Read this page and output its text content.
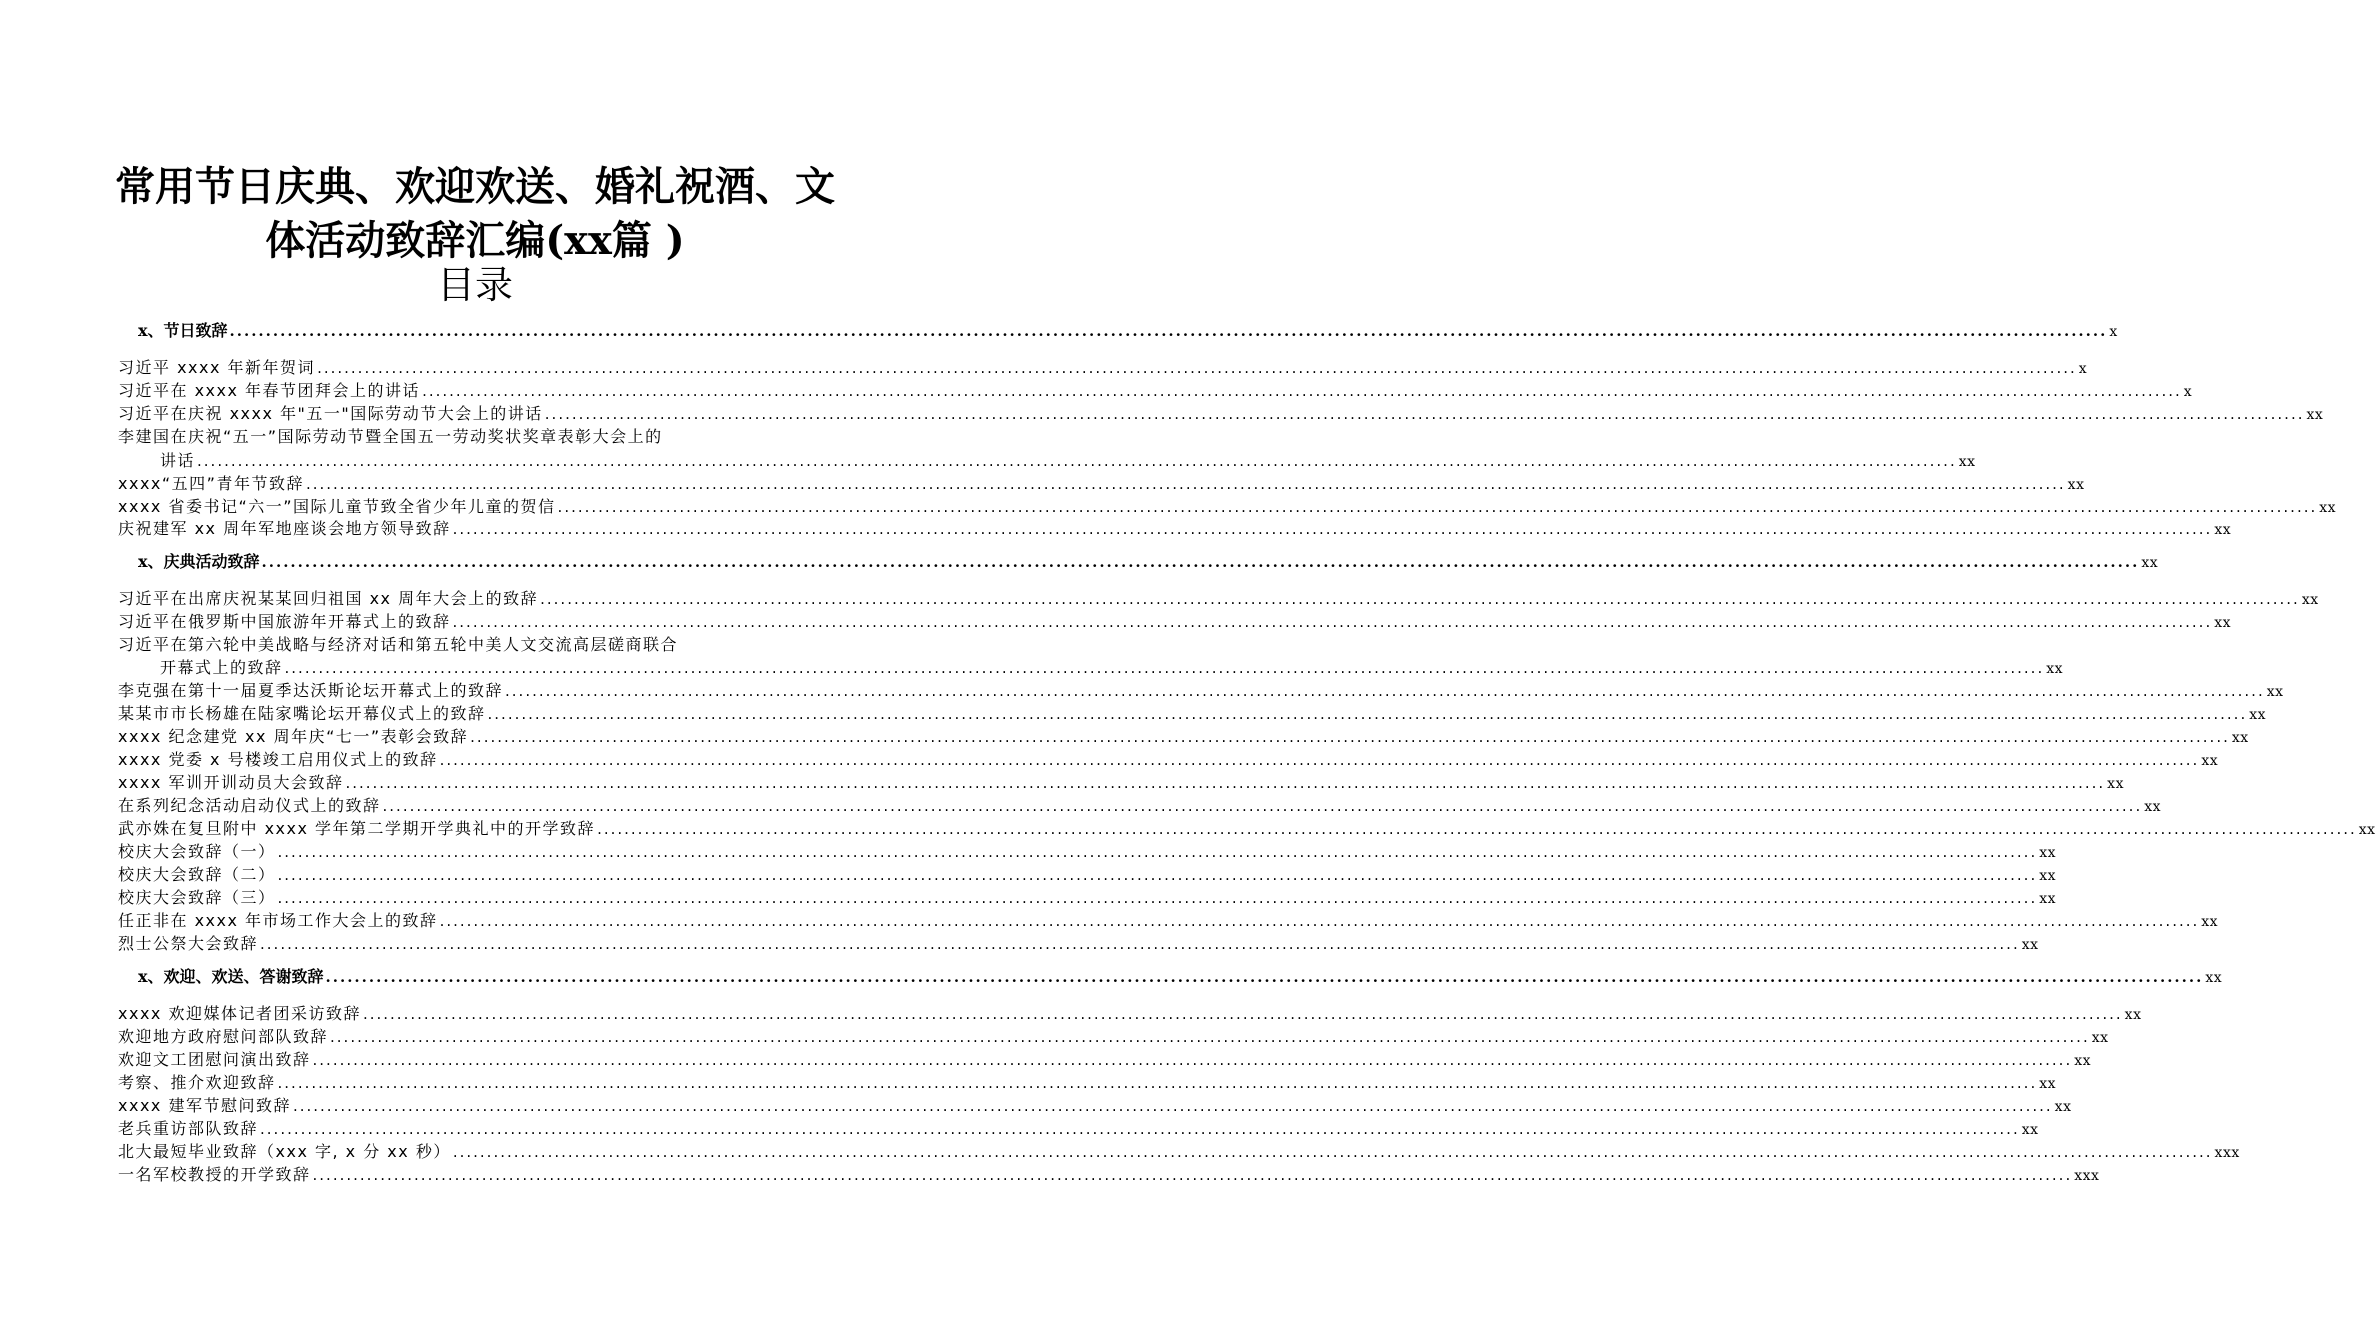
常用节日庆典、欢迎欢送、婚礼祝酒、文
体活动致辞汇编(xx篇 )
目录
x、节日致辞 .................................................................................................................................................................................................................................................................... x
习近平 xxxx 年新年贺词 .................................................................................................................................................................................................................................................................... x
习近平在 xxxx 年春节团拜会上的讲话 .................................................................................................................................................................................................................................................................... x
习近平在庆祝 xxxx 年"五一"国际劳动节大会上的讲话 .................................................................................................................................................................................................................................................................... xx
李建国在庆祝“五一”国际劳动节暨全国五一劳动奖状奖章表彰大会上的
讲话 .................................................................................................................................................................................................................................................................... xx
xxxx“五四”青年节致辞 .................................................................................................................................................................................................................................................................... xx
xxxx 省委书记“六一”国际儿童节致全省少年儿童的贺信 .................................................................................................................................................................................................................................................................... xx
庆祝建军 xx 周年军地座谈会地方领导致辞 .................................................................................................................................................................................................................................................................... xx
x、庆典活动致辞 .................................................................................................................................................................................................................................................................... xx
习近平在出席庆祝某某回归祖国 xx 周年大会上的致辞 .................................................................................................................................................................................................................................................................... xx
习近平在俄罗斯中国旅游年开幕式上的致辞 .................................................................................................................................................................................................................................................................... xx
习近平在第六轮中美战略与经济对话和第五轮中美人文交流高层磋商联合
开幕式上的致辞 .................................................................................................................................................................................................................................................................... xx
李克强在第十一届夏季达沃斯论坛开幕式上的致辞 .................................................................................................................................................................................................................................................................... xx
某某市市长杨雄在陆家嘴论坛开幕仪式上的致辞 .................................................................................................................................................................................................................................................................... xx
xxxx 纪念建党 xx 周年庆“七一”表彰会致辞 .................................................................................................................................................................................................................................................................... xx
xxxx 党委 x 号楼竣工启用仪式上的致辞 .................................................................................................................................................................................................................................................................... xx
xxxx 军训开训动员大会致辞 .................................................................................................................................................................................................................................................................... xx
在系列纪念活动启动仪式上的致辞 .................................................................................................................................................................................................................................................................... xx
武亦姝在复旦附中 xxxx 学年第二学期开学典礼中的开学致辞 .................................................................................................................................................................................................................................................................... xx
校庆大会致辞（一） .................................................................................................................................................................................................................................................................... xx
校庆大会致辞（二） .................................................................................................................................................................................................................................................................... xx
校庆大会致辞（三） .................................................................................................................................................................................................................................................................... xx
任正非在 xxxx 年市场工作大会上的致辞 .................................................................................................................................................................................................................................................................... xx
烈士公祭大会致辞 .................................................................................................................................................................................................................................................................... xx
x、欢迎、欢送、答谢致辞 .................................................................................................................................................................................................................................................................... xx
xxxx 欢迎媒体记者团采访致辞 .................................................................................................................................................................................................................................................................... xx
欢迎地方政府慰问部队致辞 .................................................................................................................................................................................................................................................................... xx
欢迎文工团慰问演出致辞 .................................................................................................................................................................................................................................................................... xx
考察、推介欢迎致辞 .................................................................................................................................................................................................................................................................... xx
xxxx 建军节慰问致辞 .................................................................................................................................................................................................................................................................... xx
老兵重访部队致辞 .................................................................................................................................................................................................................................................................... xx
北大最短毕业致辞（xxx 字, x 分 xx 秒） .................................................................................................................................................................................................................................................................... xxx
一名军校教授的开学致辞 .................................................................................................................................................................................................................................................................... xxx
